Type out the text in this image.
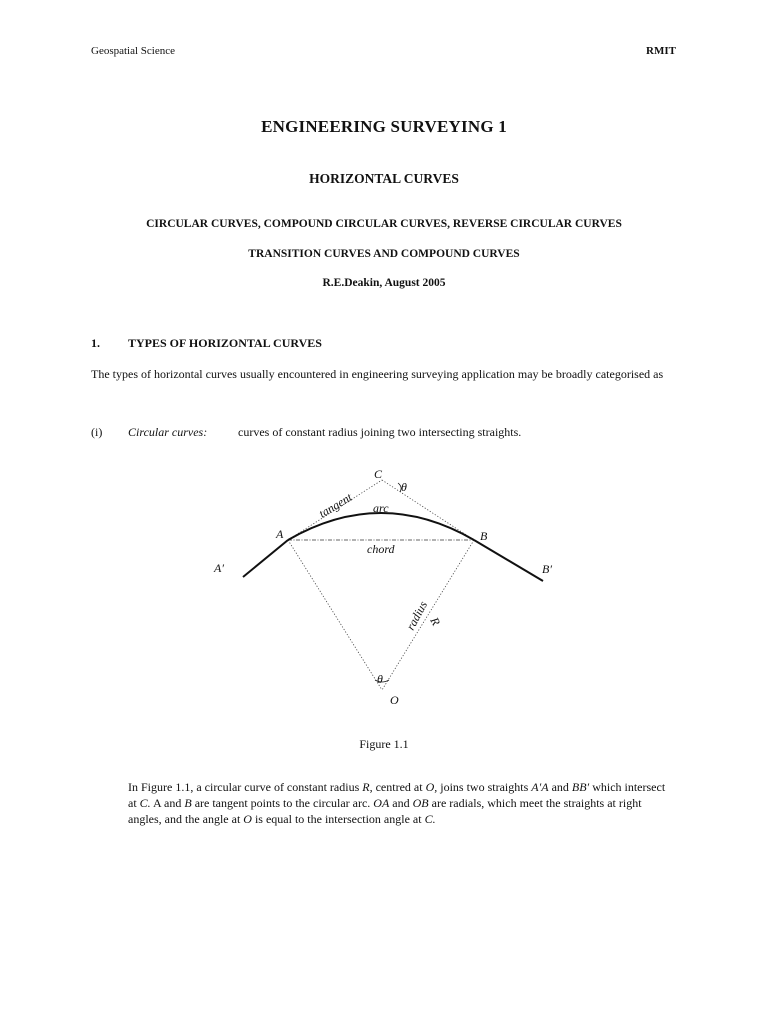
Geospatial Science	RMIT
ENGINEERING SURVEYING 1
HORIZONTAL CURVES
CIRCULAR CURVES, COMPOUND CIRCULAR CURVES, REVERSE CIRCULAR CURVES
TRANSITION CURVES AND COMPOUND CURVES
R.E.Deakin, August 2005
1. TYPES OF HORIZONTAL CURVES
The types of horizontal curves usually encountered in engineering surveying application may be broadly categorised as
(i) Circular curves:	curves of constant radius joining two intersecting straights.
C
θ
tangent arc
A	B
chord
A′	B′
radius
R
θ
O
Figure 1.1
In Figure 1.1, a circular curve of constant radius R, centred at O, joins two straights A′A and BB′ which intersect at C. A and B are tangent points to the circular arc. OA and OB are radials, which meet the straights at right angles, and the angle at O is equal to the intersection angle at C.
